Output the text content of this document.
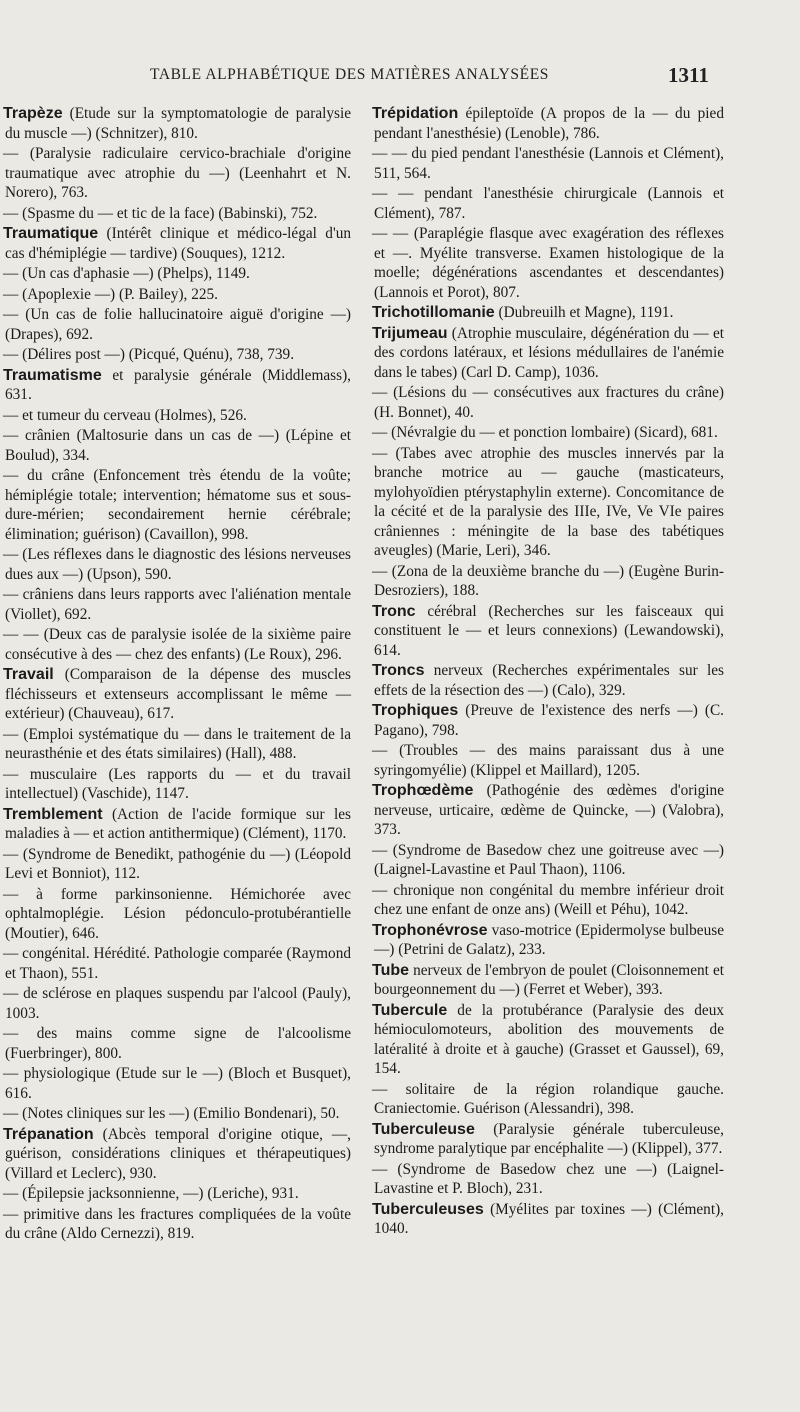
TABLE ALPHABÉTIQUE DES MATIÈRES ANALYSÉES	1311

Trapèze (Etude sur la symptomatologie de paralysie du muscle —) (Schnitzer), 810.

— (Paralysie radiculaire cervico-brachiale d'origine traumatique avec atrophie du —) (Leenhahrt et N. Norero), 763.

— (Spasme du — et tic de la face) (Babinski), 752.

Traumatique (Intérêt clinique et médico-légal d'un cas d'hémiplégie — tardive) (Souques), 1212.

— (Un cas d'aphasie —) (Phelps), 1149.

— (Apoplexie —) (P. Bailey), 225.

— (Un cas de folie hallucinatoire aiguë d'origine —) (Drapes), 692.

— (Délires post —) (Picqué, Quénu), 738, 739.

Traumatisme et paralysie générale (Middlemass), 631.

— et tumeur du cerveau (Holmes), 526.

— crânien (Maltosurie dans un cas de —) (Lépine et Boulud), 334.

— du crâne (Enfoncement très étendu de la voûte; hémiplégie totale; intervention; hématome sus et sous-dure-mérien; secondairement hernie cérébrale; élimination; guérison) (Cavaillon), 998.

— (Les réflexes dans le diagnostic des lésions nerveuses dues aux —) (Upson), 590.

— crâniens dans leurs rapports avec l'aliénation mentale (Viollet), 692.

— — (Deux cas de paralysie isolée de la sixième paire consécutive à des — chez des enfants) (Le Roux), 296.

Travail (Comparaison de la dépense des muscles fléchisseurs et extenseurs accomplissant le même — extérieur) (Chauveau), 617.

— (Emploi systématique du — dans le traitement de la neurasthénie et des états similaires) (Hall), 488.

— musculaire (Les rapports du — et du travail intellectuel) (Vaschide), 1147.

Tremblement (Action de l'acide formique sur les maladies à — et action antithermique) (Clément), 1170.

— (Syndrome de Benedikt, pathogénie du —) (Léopold Levi et Bonniot), 112.

— à forme parkinsonienne. Hémichorée avec ophtalmoplégie. Lésion pédonculo-protubérantielle (Moutier), 646.

— congénital. Hérédité. Pathologie comparée (Raymond et Thaon), 551.

— de sclérose en plaques suspendu par l'alcool (Pauly), 1003.

— des mains comme signe de l'alcoolisme (Fuerbringer), 800.

— physiologique (Etude sur le —) (Bloch et Busquet), 616.

— (Notes cliniques sur les —) (Emilio Bondenari), 50.

Trépanation (Abcès temporal d'origine otique, —, guérison, considérations cliniques et thérapeutiques) (Villard et Leclerc), 930.

— (Épilepsie jacksonnienne, —) (Leriche), 931.

— primitive dans les fractures compliquées de la voûte du crâne (Aldo Cernezzi), 819.

Trépidation épileptoïde (A propos de la — du pied pendant l'anesthésie) (Lenoble), 786.

— — du pied pendant l'anesthésie (Lannois et Clément), 511, 564.

— — pendant l'anesthésie chirurgicale (Lannois et Clément), 787.

— — (Paraplégie flasque avec exagération des réflexes et —. Myélite transverse. Examen histologique de la moelle; dégénérations ascendantes et descendantes) (Lannois et Porot), 807.

Trichotillomanie (Dubreuilh et Magne), 1191.

Trijumeau (Atrophie musculaire, dégénération du — et des cordons latéraux, et lésions médullaires de l'anémie dans le tabes) (Carl D. Camp), 1036.

— (Lésions du — consécutives aux fractures du crâne) (H. Bonnet), 40.

— (Névralgie du — et ponction lombaire) (Sicard), 681.

— (Tabes avec atrophie des muscles innervés par la branche motrice au — gauche (masticateurs, mylohyoïdien ptérystaphylin externe). Concomitance de la cécité et de la paralysie des IIIe, IVe, Ve VIe paires crâniennes : méningite de la base des tabétiques aveugles) (Marie, Leri), 346.

— (Zona de la deuxième branche du —) (Eugène Burin-Desroziers), 188.

Tronc cérébral (Recherches sur les faisceaux qui constituent le — et leurs connexions) (Lewandowski), 614.

Troncs nerveux (Recherches expérimentales sur les effets de la résection des —) (Calo), 329.

Trophiques (Preuve de l'existence des nerfs —) (C. Pagano), 798.

— (Troubles — des mains paraissant dus à une syringomyélie) (Klippel et Maillard), 1205.

Trophœdème (Pathogénie des œdèmes d'origine nerveuse, urticaire, œdème de Quincke, —) (Valobra), 373.

— (Syndrome de Basedow chez une goitreuse avec —) (Laignel-Lavastine et Paul Thaon), 1106.

— chronique non congénital du membre inférieur droit chez une enfant de onze ans) (Weill et Péhu), 1042.

Trophonévrose vaso-motrice (Epidermolyse bulbeuse —) (Petrini de Galatz), 233.

Tube nerveux de l'embryon de poulet (Cloisonnement et bourgeonnement du —) (Ferret et Weber), 393.

Tubercule de la protubérance (Paralysie des deux hémioculomoteurs, abolition des mouvements de latéralité à droite et à gauche) (Grasset et Gaussel), 69, 154.

— solitaire de la région rolandique gauche. Craniectomie. Guérison (Alessandri), 398.

Tuberculeuse (Paralysie générale tuberculeuse, syndrome paralytique par encéphalite —) (Klippel), 377.

— (Syndrome de Basedow chez une —) (Laignel-Lavastine et P. Bloch), 231.

Tuberculeuses (Myélites par toxines —) (Clément), 1040.
